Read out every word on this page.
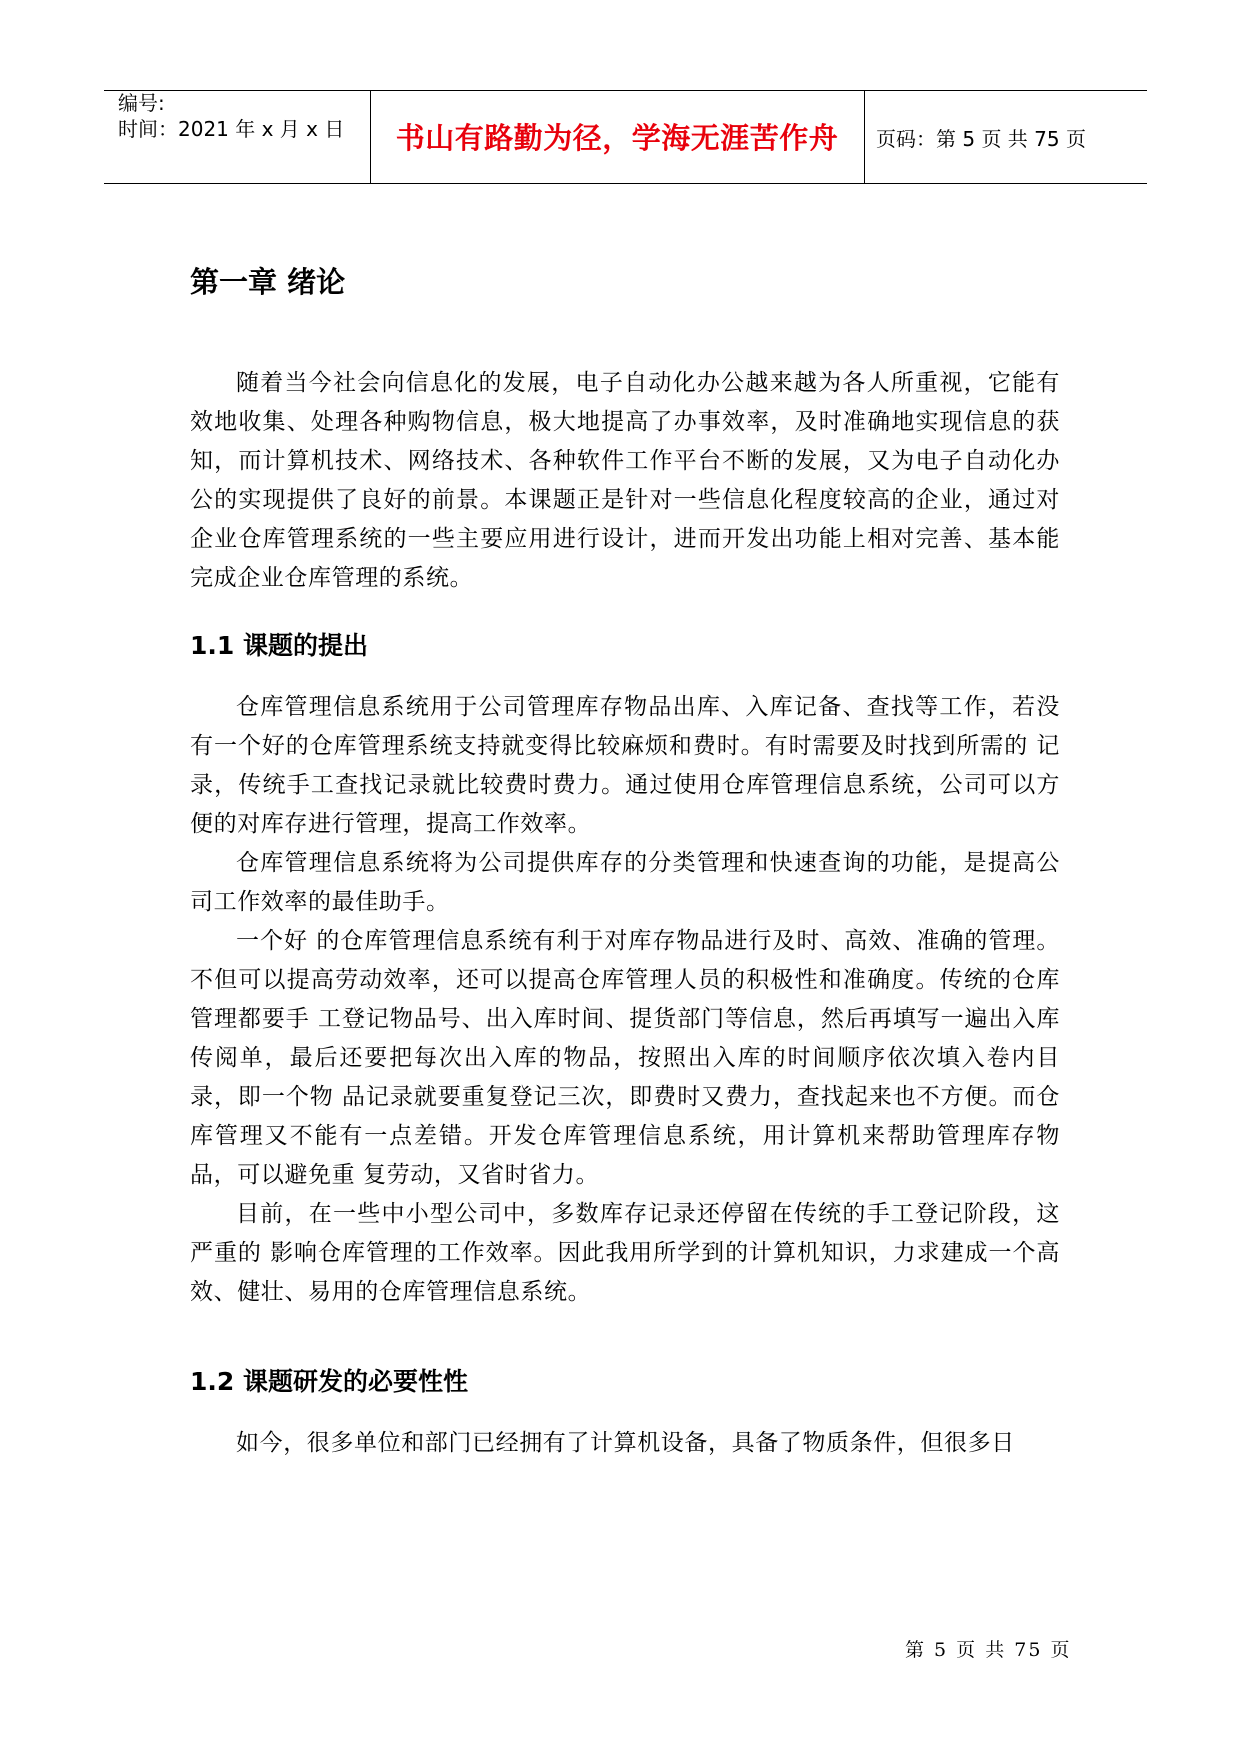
编号:
时间：2021 年 x 月 x 日	书山有路勤为径，学海无涯苦作舟	页码：第 5 页 共 75 页
第一章 绪论

随着当今社会向信息化的发展，电子自动化办公越来越为各人所重视，它能有效地收集、处理各种购物信息，极大地提高了办事效率，及时准确地实现信息的获知，而计算机技术、网络技术、各种软件工作平台不断的发展，又为电子自动化办公的实现提供了良好的前景。本课题正是针对一些信息化程度较高的企业，通过对企业仓库管理系统的一些主要应用进行设计，进而开发出功能上相对完善、基本能完成企业仓库管理的系统。

1.1 课题的提出

仓库管理信息系统用于公司管理库存物品出库、入库记备、查找等工作，若没有一个好的仓库管理系统支持就变得比较麻烦和费时。有时需要及时找到所需的 记录，传统手工查找记录就比较费时费力。通过使用仓库管理信息系统，公司可以方便的对库存进行管理，提高工作效率。

仓库管理信息系统将为公司提供库存的分类管理和快速查询的功能，是提高公司工作效率的最佳助手。

一个好 的仓库管理信息系统有利于对库存物品进行及时、高效、准确的管理。不但可以提高劳动效率，还可以提高仓库管理人员的积极性和准确度。传统的仓库管理都要手 工登记物品号、出入库时间、提货部门等信息，然后再填写一遍出入库传阅单，最后还要把每次出入库的物品，按照出入库的时间顺序依次填入卷内目录，即一个物 品记录就要重复登记三次，即费时又费力，查找起来也不方便。而仓库管理又不能有一点差错。开发仓库管理信息系统，用计算机来帮助管理库存物品，可以避免重 复劳动，又省时省力。

目前，在一些中小型公司中，多数库存记录还停留在传统的手工登记阶段，这严重的 影响仓库管理的工作效率。因此我用所学到的计算机知识，力求建成一个高效、健壮、易用的仓库管理信息系统。

1.2 课题研发的必要性性

如今，很多单位和部门已经拥有了计算机设备，具备了物质条件，但很多日

第 5 页 共 75 页
